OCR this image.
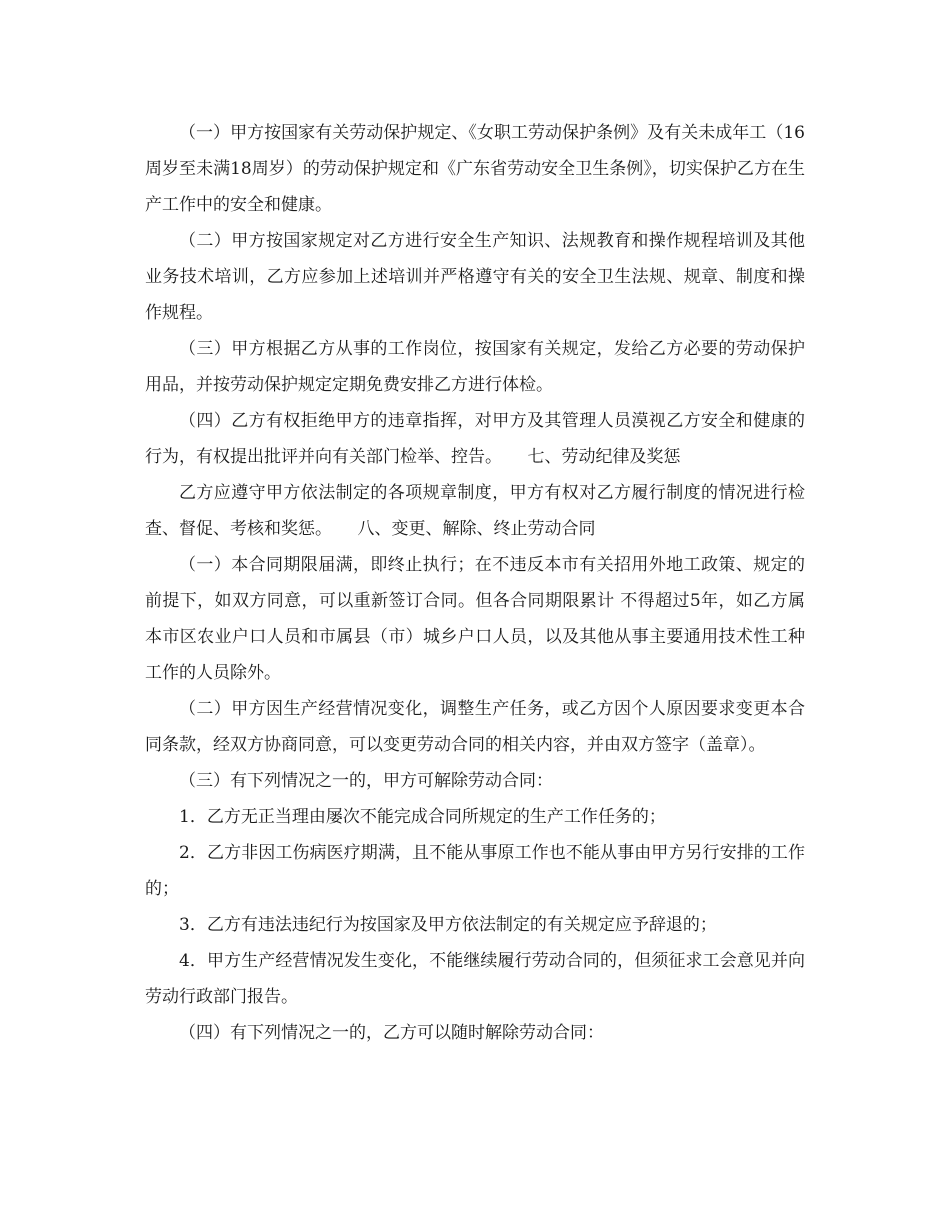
（一）甲方按国家有关劳动保护规定、《女职工劳动保护条例》及有关未成年工（16周岁至未满18周岁）的劳动保护规定和《广东省劳动安全卫生条例》，切实保护乙方在生产工作中的安全和健康。

（二）甲方按国家规定对乙方进行安全生产知识、法规教育和操作规程培训及其他业务技术培训，乙方应参加上述培训并严格遵守有关的安全卫生法规、规章、制度和操作规程。

（三）甲方根据乙方从事的工作岗位，按国家有关规定，发给乙方必要的劳动保护用品，并按劳动保护规定定期免费安排乙方进行体检。

（四）乙方有权拒绝甲方的违章指挥，对甲方及其管理人员漠视乙方安全和健康的行为，有权提出批评并向有关部门检举、控告。　　七、劳动纪律及奖惩

乙方应遵守甲方依法制定的各项规章制度，甲方有权对乙方履行制度的情况进行检查、督促、考核和奖惩。　　八、变更、解除、终止劳动合同

（一）本合同期限届满，即终止执行；在不违反本市有关招用外地工政策、规定的前提下，如双方同意，可以重新签订合同。但各合同期限累计 不得超过5年，如乙方属本市区农业户口人员和市属县（市）城乡户口人员，以及其他从事主要通用技术性工种工作的人员除外。

（二）甲方因生产经营情况变化，调整生产任务，或乙方因个人原因要求变更本合同条款，经双方协商同意，可以变更劳动合同的相关内容，并由双方签字（盖章）。

（三）有下列情况之一的，甲方可解除劳动合同：

1．乙方无正当理由屡次不能完成合同所规定的生产工作任务的；

2．乙方非因工伤病医疗期满，且不能从事原工作也不能从事由甲方另行安排的工作的；

3．乙方有违法违纪行为按国家及甲方依法制定的有关规定应予辞退的；

4．甲方生产经营情况发生变化，不能继续履行劳动合同的，但须征求工会意见并向劳动行政部门报告。

（四）有下列情况之一的，乙方可以随时解除劳动合同：
